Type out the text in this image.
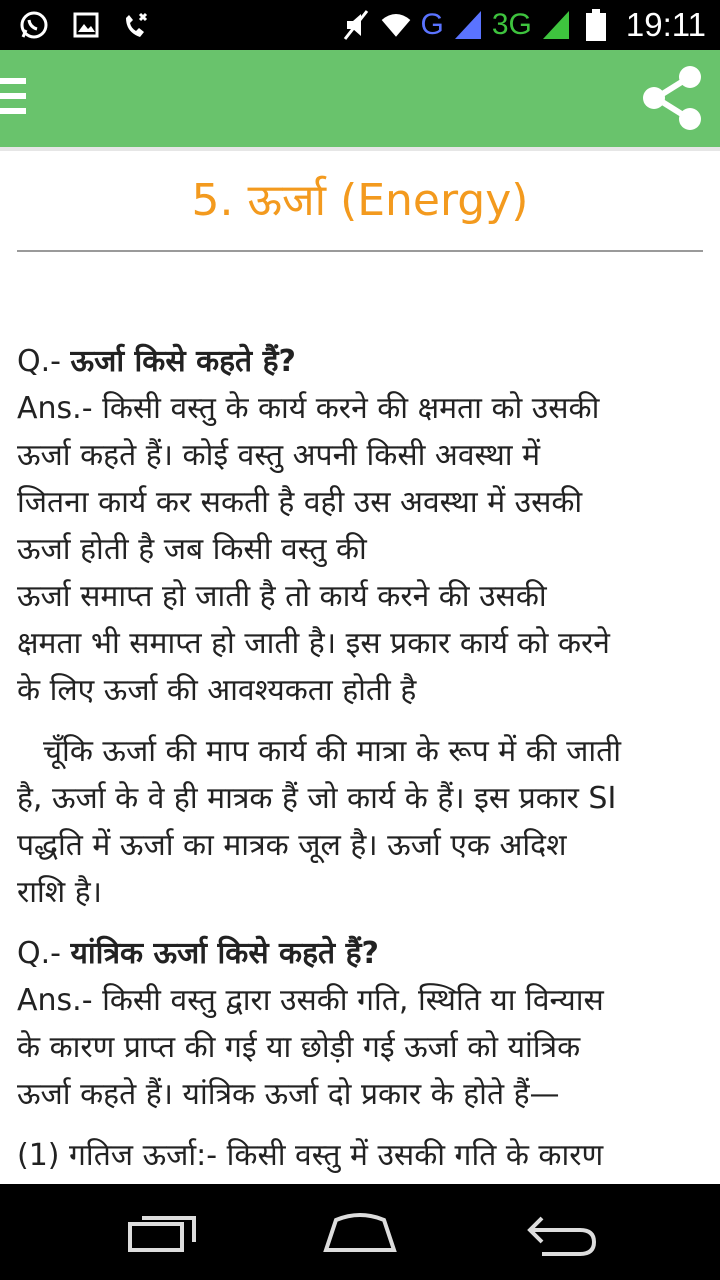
G 3G	19:11
5. ऊर्जा (Energy)

Q.- ऊर्जा किसे कहते हैं?

Ans.- किसी वस्तु के कार्य करने की क्षमता को उसकी

ऊर्जा कहते हैं। कोई वस्तु अपनी किसी अवस्था में

जितना कार्य कर सकती है वही उस अवस्था में उसकी

ऊर्जा होती है जब किसी वस्तु की

ऊर्जा समाप्त हो जाती है तो कार्य करने की उसकी

क्षमता भी समाप्त हो जाती है। इस प्रकार कार्य को करने

के लिए ऊर्जा की आवश्यकता होती है

चूँकि ऊर्जा की माप कार्य की मात्रा के रूप में की जाती

है, ऊर्जा के वे ही मात्रक हैं जो कार्य के हैं। इस प्रकार SI

पद्धति में ऊर्जा का मात्रक जूल है। ऊर्जा एक अदिश

राशि है।

Q.- यांत्रिक ऊर्जा किसे कहते हैं?

Ans.- किसी वस्तु द्वारा उसकी गति, स्थिति या विन्यास

के कारण प्राप्त की गई या छोड़ी गई ऊर्जा को यांत्रिक

ऊर्जा कहते हैं। यांत्रिक ऊर्जा दो प्रकार के होते हैं—

(1) गतिज ऊर्जा:- किसी वस्तु में उसकी गति के कारण
